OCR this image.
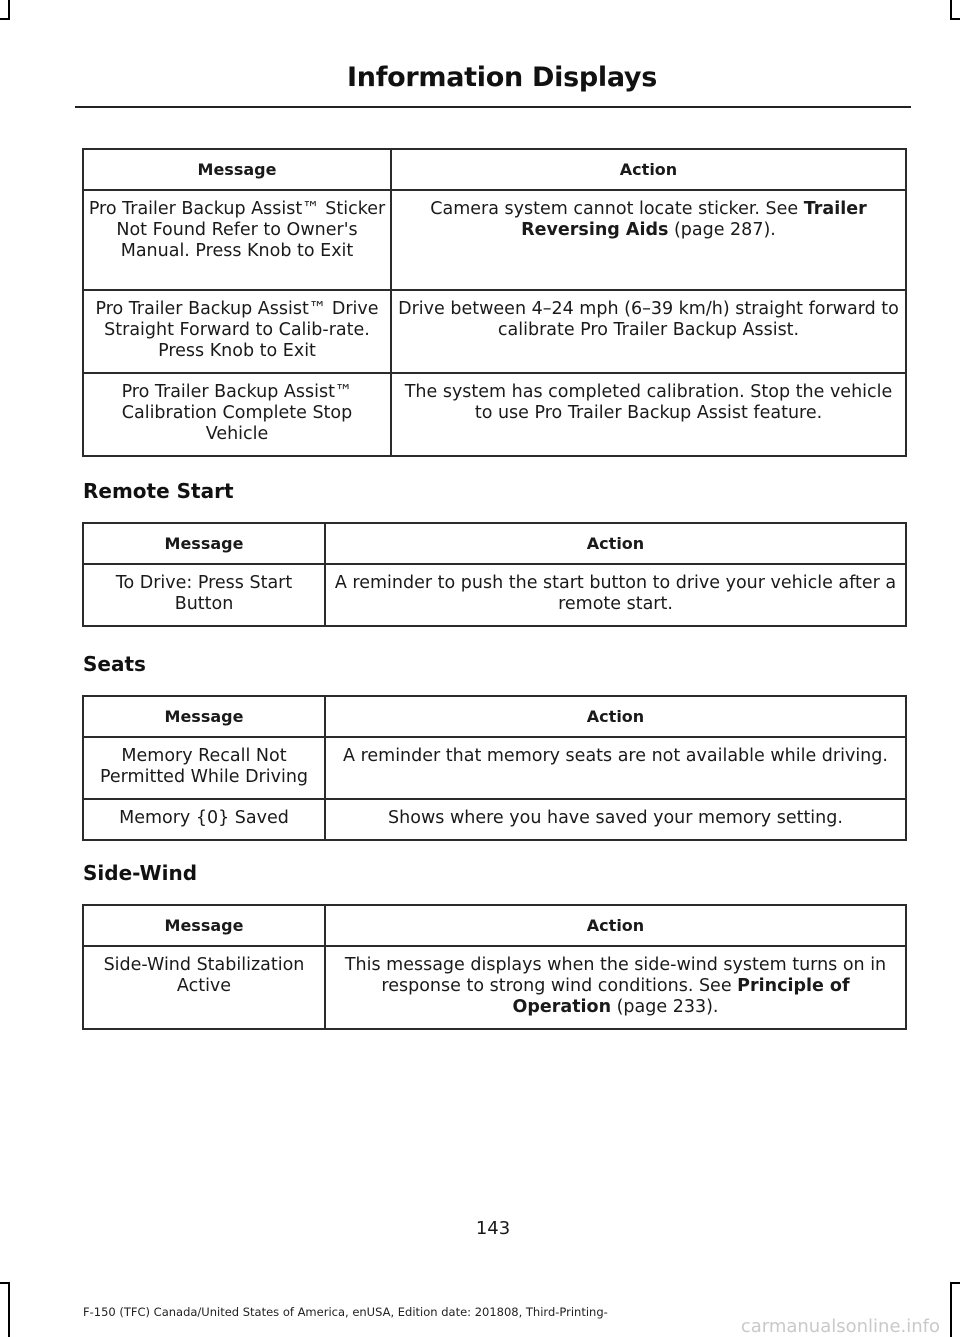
Information Displays
Message	Action
Pro Trailer Backup Assist™ Sticker Not Found Refer to Owner's Manual. Press Knob to Exit	Camera system cannot locate sticker. See Trailer Reversing Aids (page 287).
Pro Trailer Backup Assist™ Drive Straight Forward to Calib-rate. Press Knob to Exit	Drive between 4–24 mph (6–39 km/h) straight forward to calibrate Pro Trailer Backup Assist.
Pro Trailer Backup Assist™ Calibration Complete Stop Vehicle	The system has completed calibration. Stop the vehicle to use Pro Trailer Backup Assist feature.
Remote Start
Message	Action
To Drive: Press Start Button	A reminder to push the start button to drive your vehicle after a remote start.
Seats
Message	Action
Memory Recall Not Permitted While Driving	A reminder that memory seats are not available while driving.
Memory {0} Saved	Shows where you have saved your memory setting.
Side-Wind
Message	Action
Side-Wind Stabilization Active	This message displays when the side-wind system turns on in response to strong wind conditions. See Principle of Operation (page 233).
143
F-150 (TFC) Canada/United States of America, enUSA, Edition date: 201808, Third-Printing-
carmanualsonline.info
